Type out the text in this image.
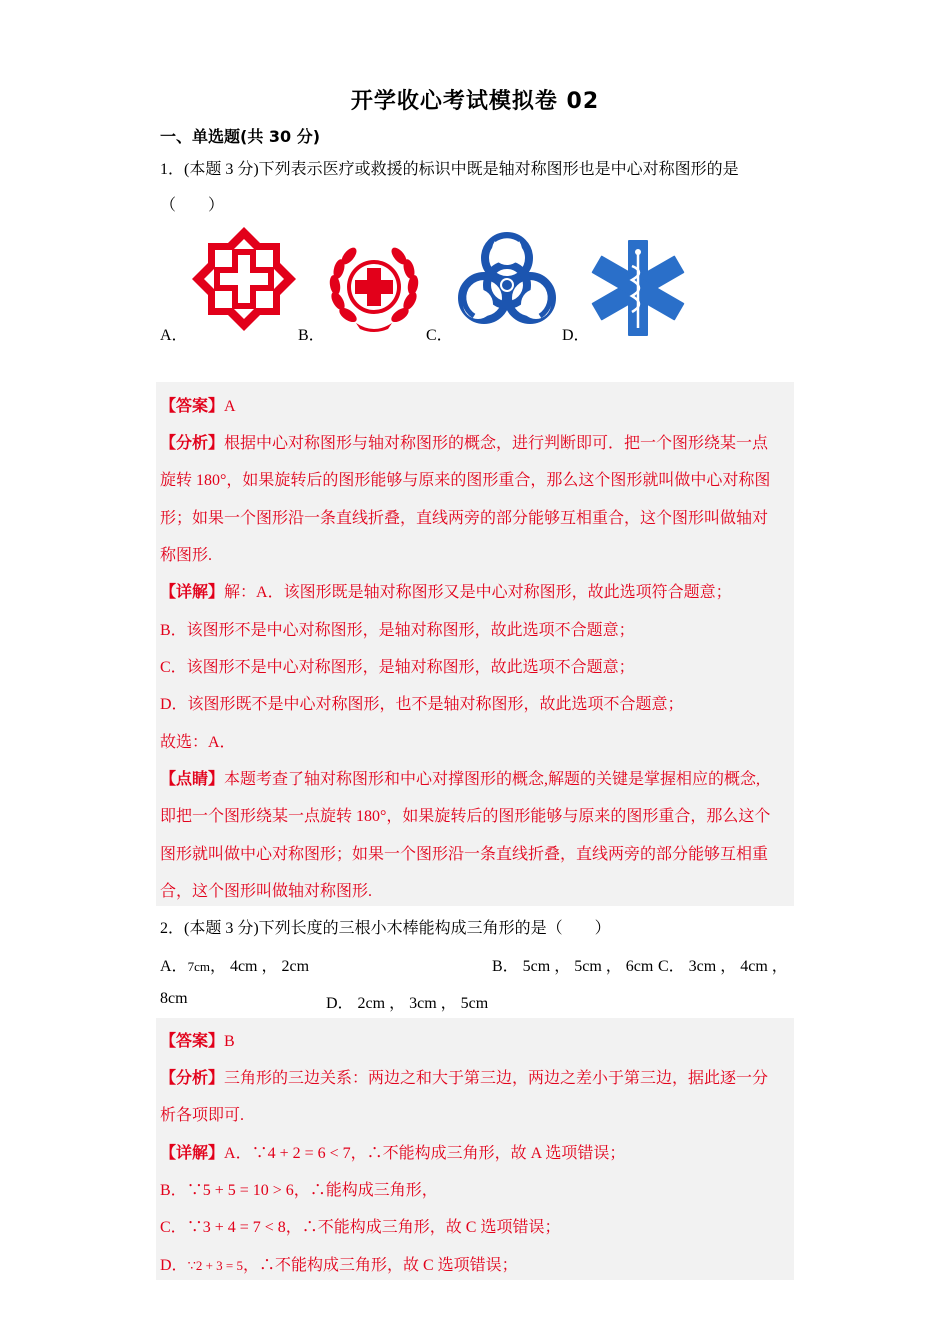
开学收心考试模拟卷 02
一、单选题(共 30 分)
1．(本题 3 分)下列表示医疗或救援的标识中既是轴对称图形也是中心对称图形的是
（　　）
A．	B．	C．	D．
【答案】A
【分析】根据中心对称图形与轴对称图形的概念，进行判断即可．把一个图形绕某一点
旋转 180°，如果旋转后的图形能够与原来的图形重合，那么这个图形就叫做中心对称图
形；如果一个图形沿一条直线折叠，直线两旁的部分能够互相重合，这个图形叫做轴对
称图形.
【详解】解：A．该图形既是轴对称图形又是中心对称图形，故此选项符合题意；
B．该图形不是中心对称图形，是轴对称图形，故此选项不合题意；
C．该图形不是中心对称图形，是轴对称图形，故此选项不合题意；
D．该图形既不是中心对称图形，也不是轴对称图形，故此选项不合题意；
故选：A．
【点睛】本题考查了轴对称图形和中心对撑图形的概念,解题的关键是掌握相应的概念,
即把一个图形绕某一点旋转 180°，如果旋转后的图形能够与原来的图形重合，那么这个
图形就叫做中心对称图形；如果一个图形沿一条直线折叠，直线两旁的部分能够互相重
合，这个图形叫做轴对称图形.
2．(本题 3 分)下列长度的三根小木棒能构成三角形的是（　　）
A．7cm， 4cm ， 2cm	B． 5cm ， 5cm ， 6cm C． 3cm ， 4cm ，
8cm	D． 2cm ， 3cm ， 5cm
【答案】B
【分析】三角形的三边关系：两边之和大于第三边，两边之差小于第三边，据此逐一分
析各项即可.
【详解】A．∵4 + 2 = 6 < 7，∴不能构成三角形，故 A 选项错误；
B．∵5 + 5 = 10 > 6，∴能构成三角形，
C．∵3 + 4 = 7 < 8，∴不能构成三角形，故 C 选项错误；
D．∵2 + 3 = 5，∴不能构成三角形，故 C 选项错误；
